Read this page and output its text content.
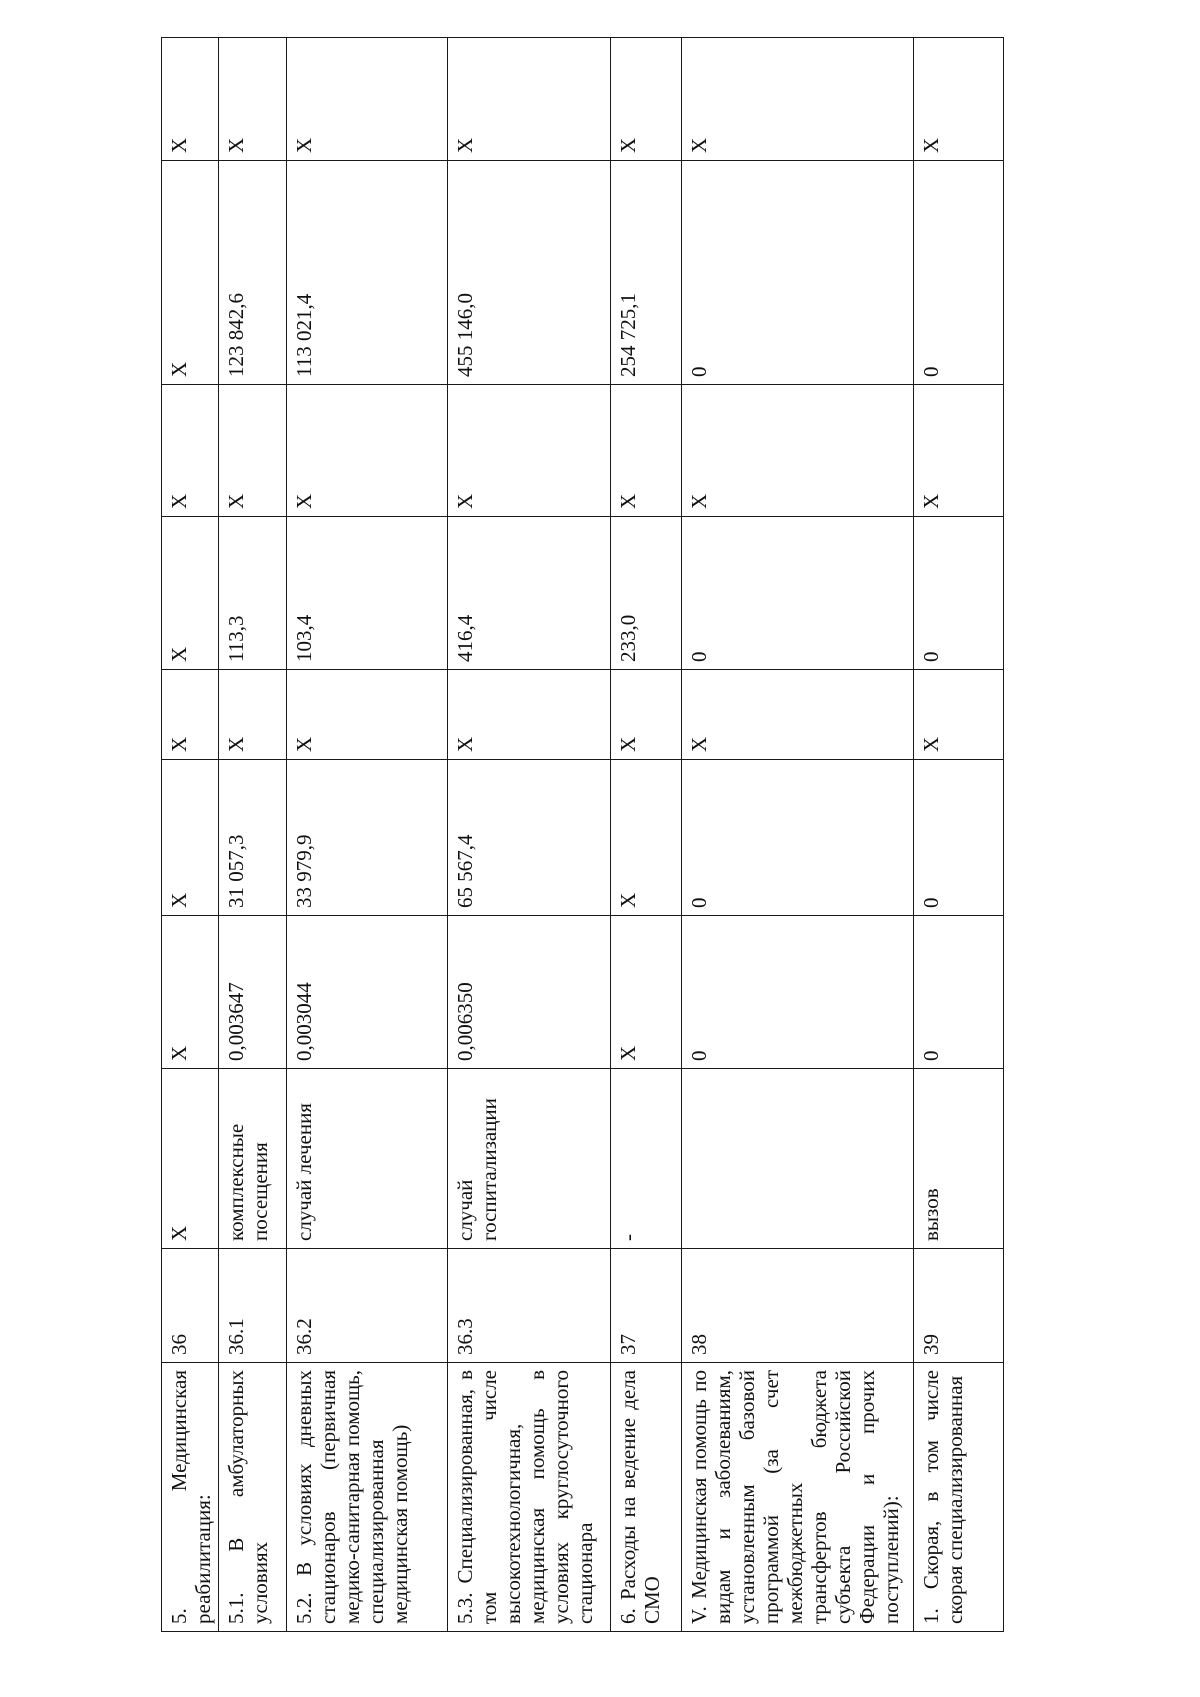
5. Медицинская реабилитация:	36	X	X	X	X	X	X	X	X
5.1. В амбулаторных условиях	36.1	комплексные посещения	0,003647	31 057,3	X	113,3	X	123 842,6	X
5.2. В условиях дневных стационаров (первичная медико-санитарная помощь, специализированная медицинская помощь)	36.2	случай лечения	0,003044	33 979,9	X	103,4	X	113 021,4	X
5.3. Специализированная, в том числе высокотехнологичная, медицинская помощь в условиях круглосуточного стационара	36.3	случай госпитализации	0,006350	65 567,4	X	416,4	X	455 146,0	X
6. Расходы на ведение дела СМО	37	-	X	X	X	233,0	X	254 725,1	X
V. Медицинская помощь по видам и заболеваниям, установленным базовой программой (за счет межбюджетных трансфертов бюджета субъекта Российской Федерации и прочих поступлений):	38		0	0	X	0	X	0	X
1. Скорая, в том числе скорая специализированная	39	вызов	0	0	X	0	X	0	X
